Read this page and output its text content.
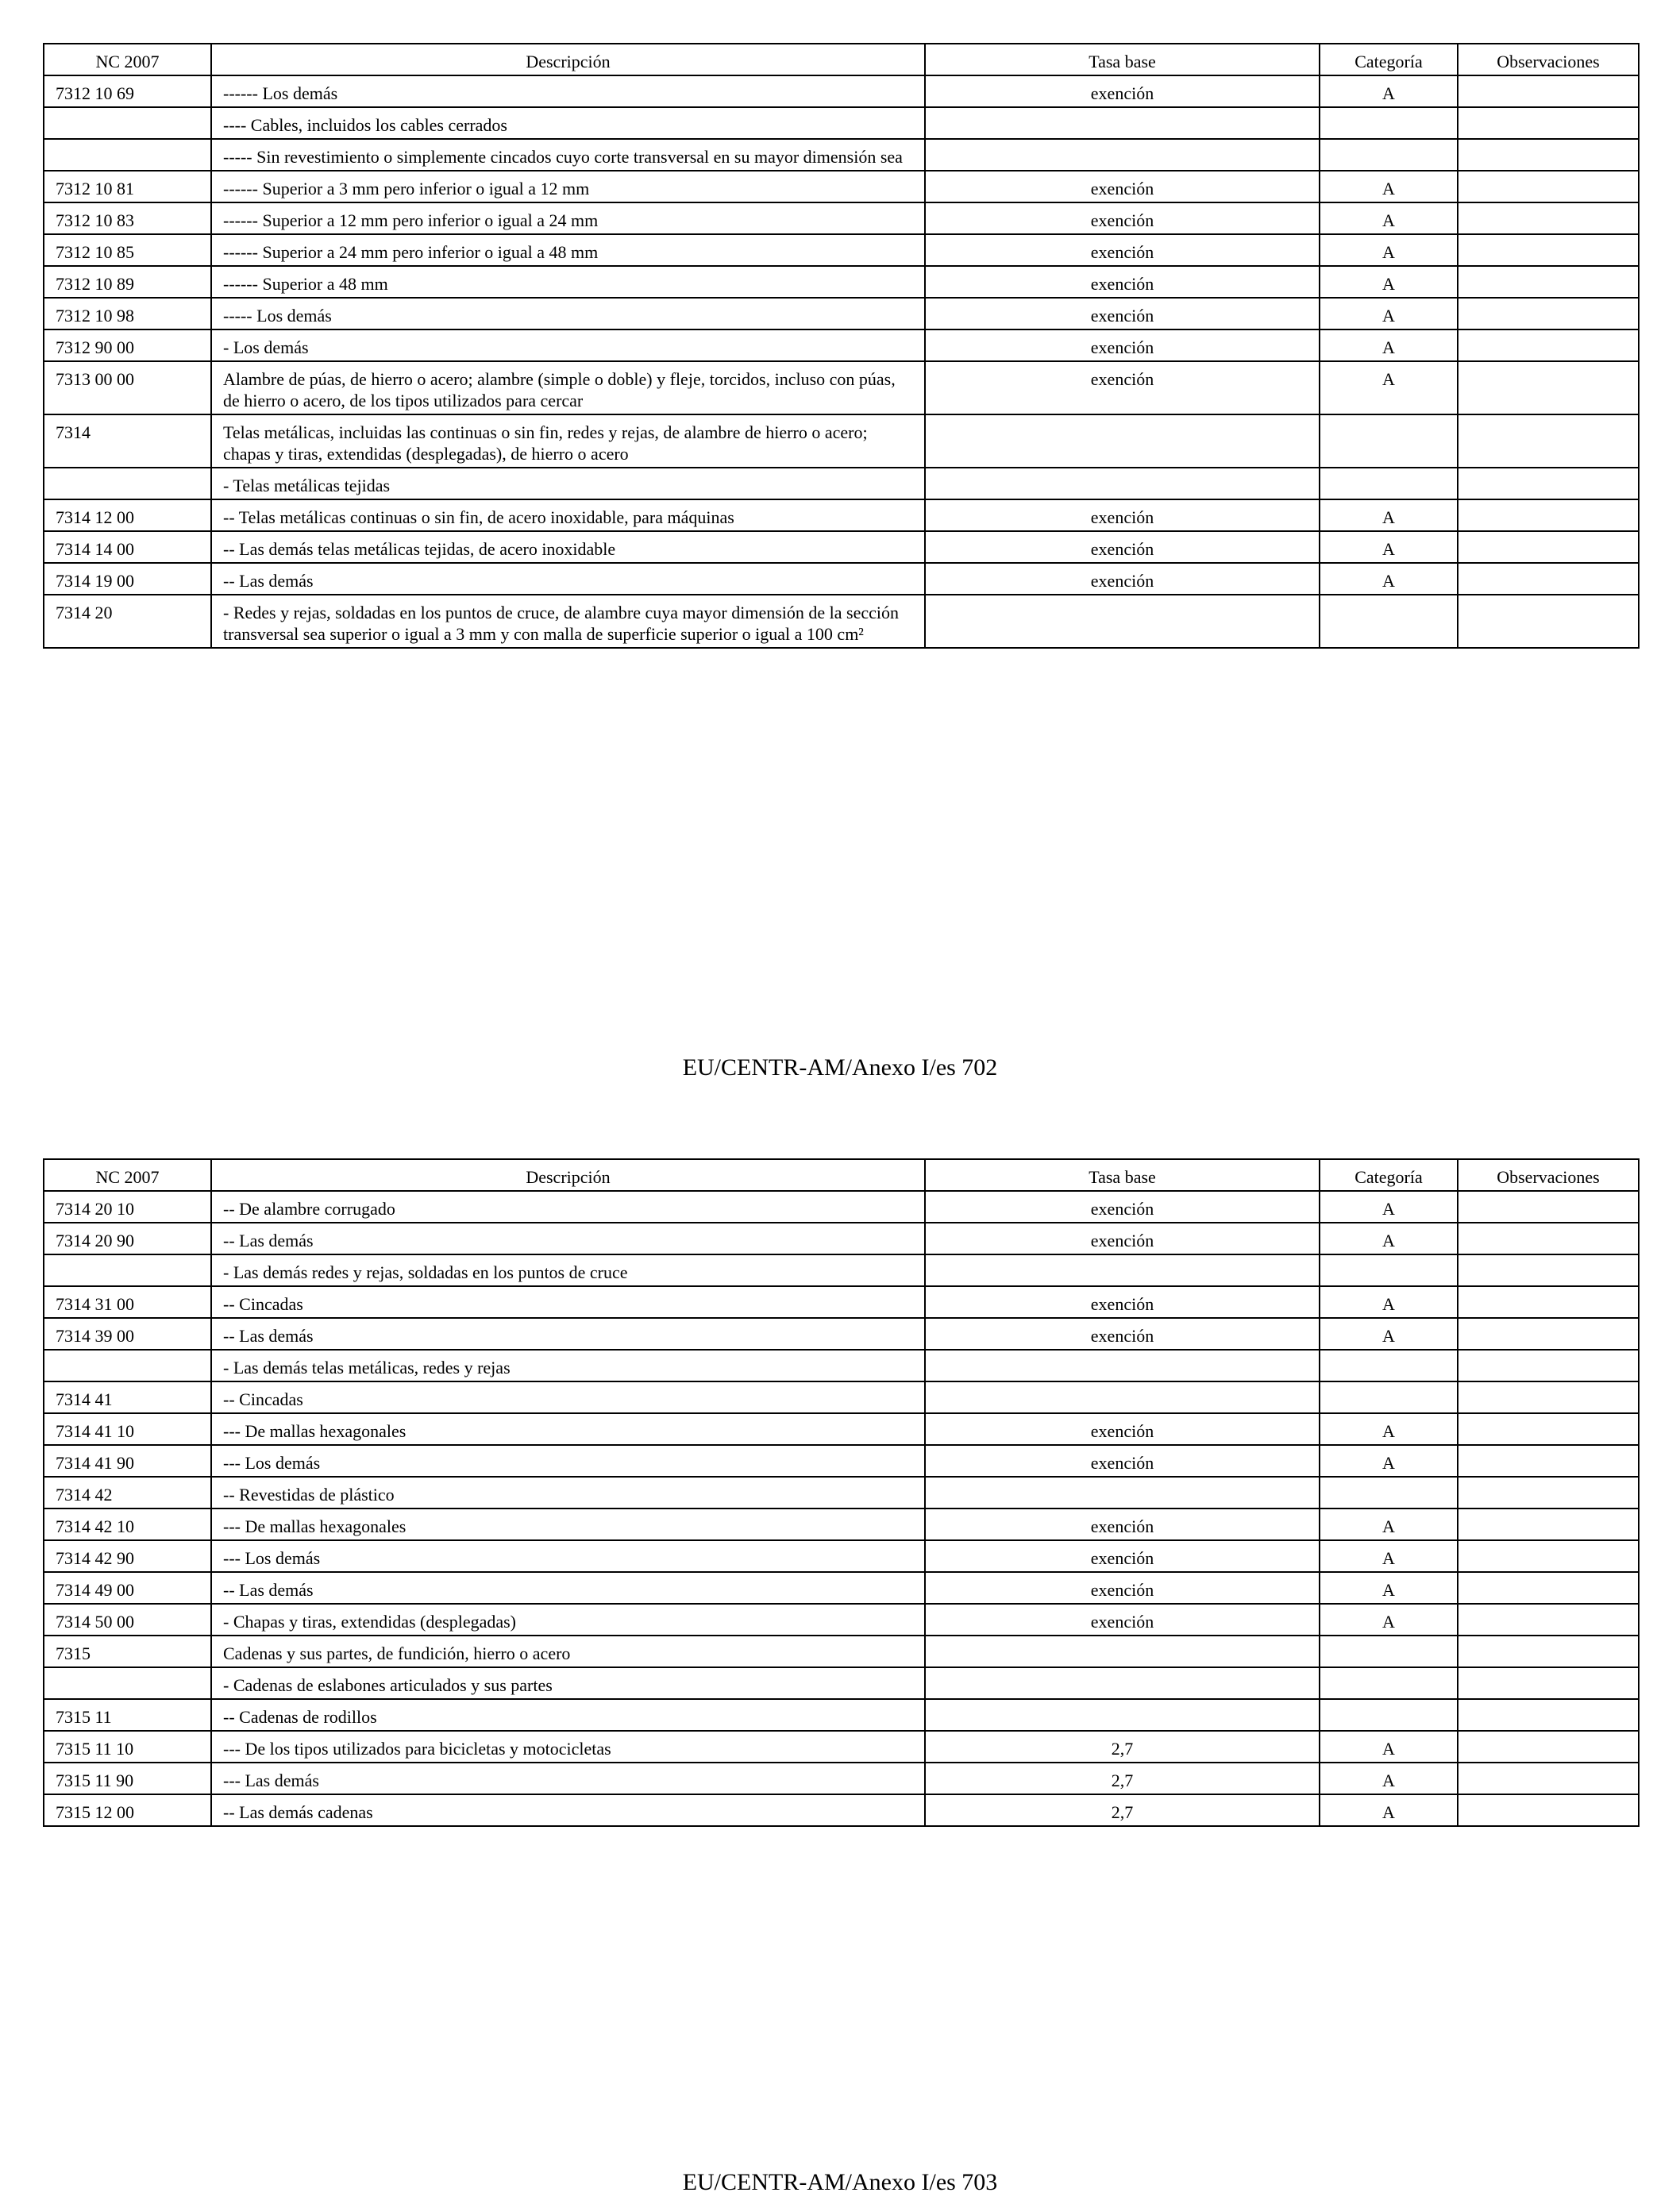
NC 2007	Descripción	Tasa base	Categoría	Observaciones
7312 10 69	------ Los demás	exención	A	
	---- Cables, incluidos los cables cerrados			
	----- Sin revestimiento o simplemente cincados cuyo corte transversal en su mayor dimensión sea			
7312 10 81	------ Superior a 3 mm pero inferior o igual a 12 mm	exención	A	
7312 10 83	------ Superior a 12 mm pero inferior o igual a 24 mm	exención	A	
7312 10 85	------ Superior a 24 mm pero inferior o igual a 48 mm	exención	A	
7312 10 89	------ Superior a 48 mm	exención	A	
7312 10 98	----- Los demás	exención	A	
7312 90 00	- Los demás	exención	A	
7313 00 00	Alambre de púas, de hierro o acero; alambre (simple o doble) y fleje, torcidos, incluso con púas, de hierro o acero, de los tipos utilizados para cercar	exención	A	
7314	Telas metálicas, incluidas las continuas o sin fin, redes y rejas, de alambre de hierro o acero; chapas y tiras, extendidas (desplegadas), de hierro o acero			
	- Telas metálicas tejidas			
7314 12 00	-- Telas metálicas continuas o sin fin, de acero inoxidable, para máquinas	exención	A	
7314 14 00	-- Las demás telas metálicas tejidas, de acero inoxidable	exención	A	
7314 19 00	-- Las demás	exención	A	
7314 20	- Redes y rejas, soldadas en los puntos de cruce, de alambre cuya mayor dimensión de la sección transversal sea superior o igual a 3 mm y con malla de superficie superior o igual a 100 cm²			
EU/CENTR-AM/Anexo I/es 702
NC 2007	Descripción	Tasa base	Categoría	Observaciones
7314 20 10	-- De alambre corrugado	exención	A	
7314 20 90	-- Las demás	exención	A	
	- Las demás redes y rejas, soldadas en los puntos de cruce			
7314 31 00	-- Cincadas	exención	A	
7314 39 00	-- Las demás	exención	A	
	- Las demás telas metálicas, redes y rejas			
7314 41	-- Cincadas			
7314 41 10	--- De mallas hexagonales	exención	A	
7314 41 90	--- Los demás	exención	A	
7314 42	-- Revestidas de plástico			
7314 42 10	--- De mallas hexagonales	exención	A	
7314 42 90	--- Los demás	exención	A	
7314 49 00	-- Las demás	exención	A	
7314 50 00	- Chapas y tiras, extendidas (desplegadas)	exención	A	
7315	Cadenas y sus partes, de fundición, hierro o acero			
	- Cadenas de eslabones articulados y sus partes			
7315 11	-- Cadenas de rodillos			
7315 11 10	--- De los tipos utilizados para bicicletas y motocicletas	2,7	A	
7315 11 90	--- Las demás	2,7	A	
7315 12 00	-- Las demás cadenas	2,7	A	
EU/CENTR-AM/Anexo I/es 703
